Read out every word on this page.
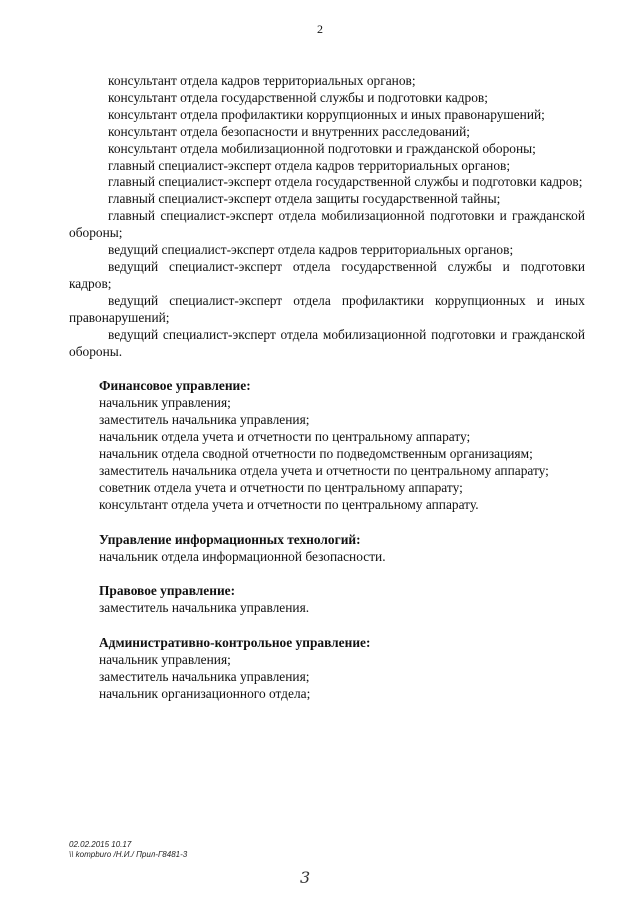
2
консультант отдела кадров территориальных органов;
консультант отдела государственной службы и подготовки кадров;
консультант отдела профилактики коррупционных и иных правонарушений;
консультант отдела безопасности и внутренних расследований;
консультант отдела мобилизационной подготовки и гражданской обороны;
главный специалист-эксперт отдела кадров территориальных органов;
главный специалист-эксперт отдела государственной службы и подготовки кадров;
главный специалист-эксперт отдела защиты государственной тайны;
главный специалист-эксперт отдела мобилизационной подготовки и гражданской обороны;
ведущий специалист-эксперт отдела кадров территориальных органов;
ведущий специалист-эксперт отдела государственной службы и подготовки кадров;
ведущий специалист-эксперт отдела профилактики коррупционных и иных правонарушений;
ведущий специалист-эксперт отдела мобилизационной подготовки и гражданской обороны.
Финансовое управление:
начальник управления;
заместитель начальника управления;
начальник отдела учета и отчетности по центральному аппарату;
начальник отдела сводной отчетности по подведомственным организациям;
заместитель начальника отдела учета и отчетности по центральному аппарату;
советник отдела учета и отчетности по центральному аппарату;
консультант отдела учета и отчетности по центральному аппарату.
Управление информационных технологий:
начальник отдела информационной безопасности.
Правовое управление:
заместитель начальника управления.
Административно-контрольное управление:
начальник управления;
заместитель начальника управления;
начальник организационного отдела;
02.02.2015 10.17
\\ kompburo /Н.И./ Прил-Г8481-3
3
